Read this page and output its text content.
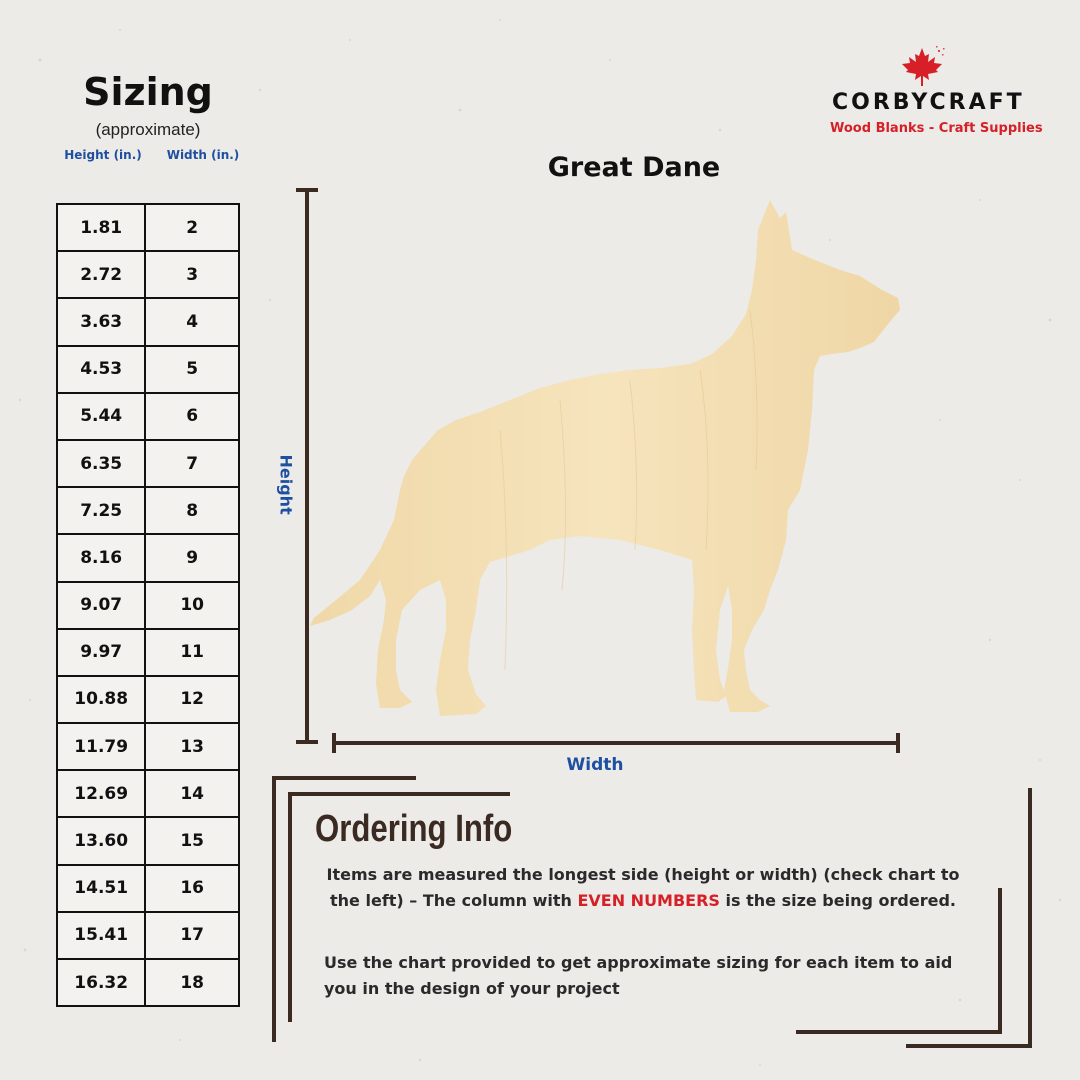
Sizing
(approximate)
Height (in.)	Width (in.)
1.81	2
2.72	3
3.63	4
4.53	5
5.44	6
6.35	7
7.25	8
8.16	9
9.07	10
9.97	11
10.88	12
11.79	13
12.69	14
13.60	15
14.51	16
15.41	17
16.32	18
CORBYCRAFT
Wood Blanks - Craft Supplies
Great Dane
Height
Width
Ordering Info
Items are measured the longest side (height or width) (check chart to the left) – The column with EVEN NUMBERS is the size being ordered.
Use the chart provided to get approximate sizing for each item to aid you in the design of your project
